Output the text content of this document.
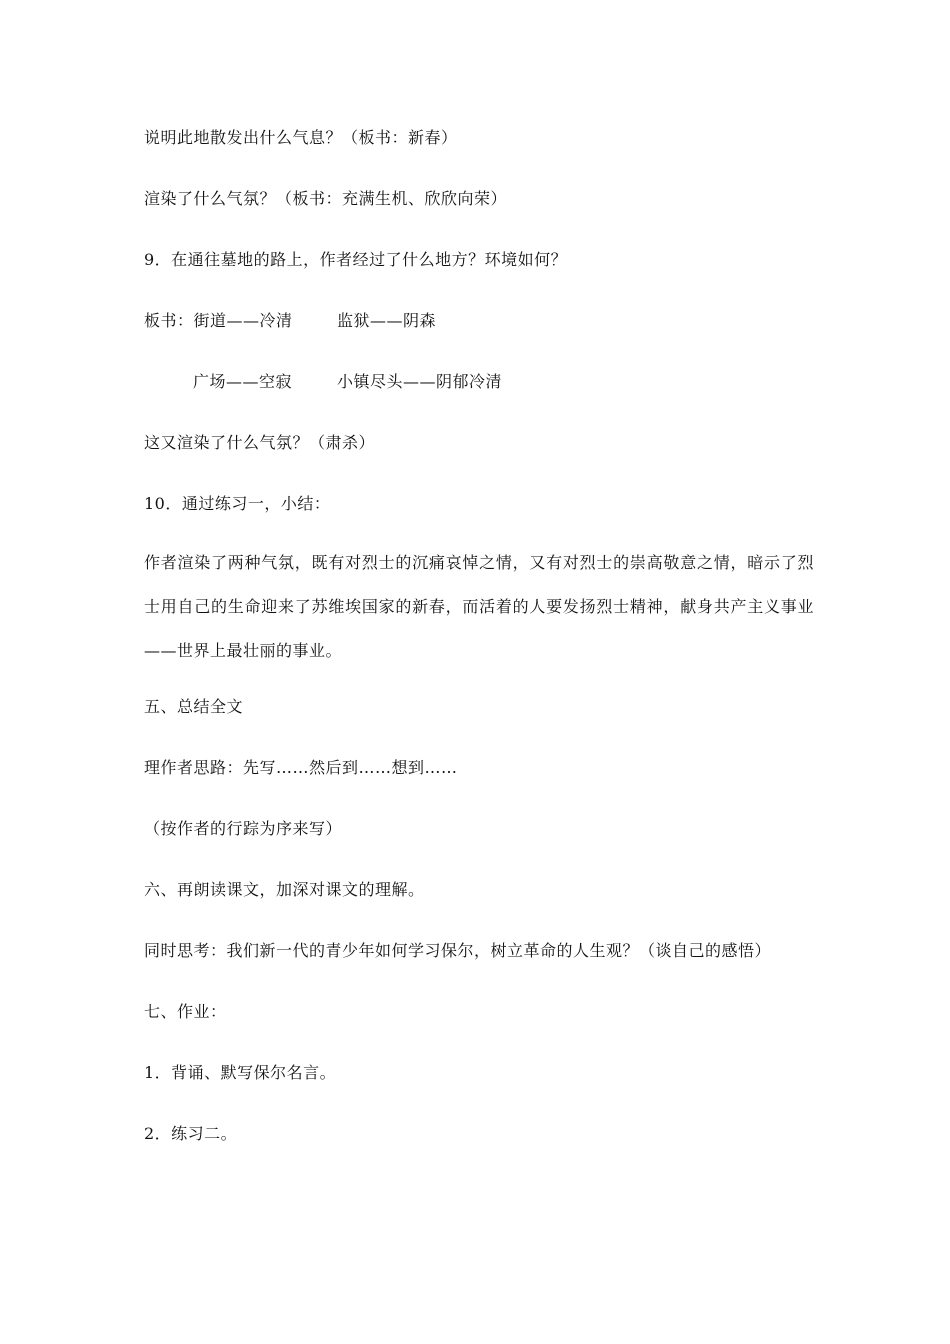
说明此地散发出什么气息？（板书：新春）
渲染了什么气氛？（板书：充满生机、欣欣向荣）
9．在通往墓地的路上，作者经过了什么地方？环境如何？
板书：街道——冷清	监狱——阴森
广场——空寂	小镇尽头——阴郁冷清
这又渲染了什么气氛？（肃杀）
10．通过练习一，小结：
作者渲染了两种气氛，既有对烈士的沉痛哀悼之情，又有对烈士的崇高敬意之情，暗示了烈士用自己的生命迎来了苏维埃国家的新春，而活着的人要发扬烈士精神，献身共产主义事业——世界上最壮丽的事业。
五、总结全文
理作者思路：先写……然后到……想到……
（按作者的行踪为序来写）
六、再朗读课文，加深对课文的理解。
同时思考：我们新一代的青少年如何学习保尔，树立革命的人生观？（谈自己的感悟）
七、作业：
1．背诵、默写保尔名言。
2．练习二。
